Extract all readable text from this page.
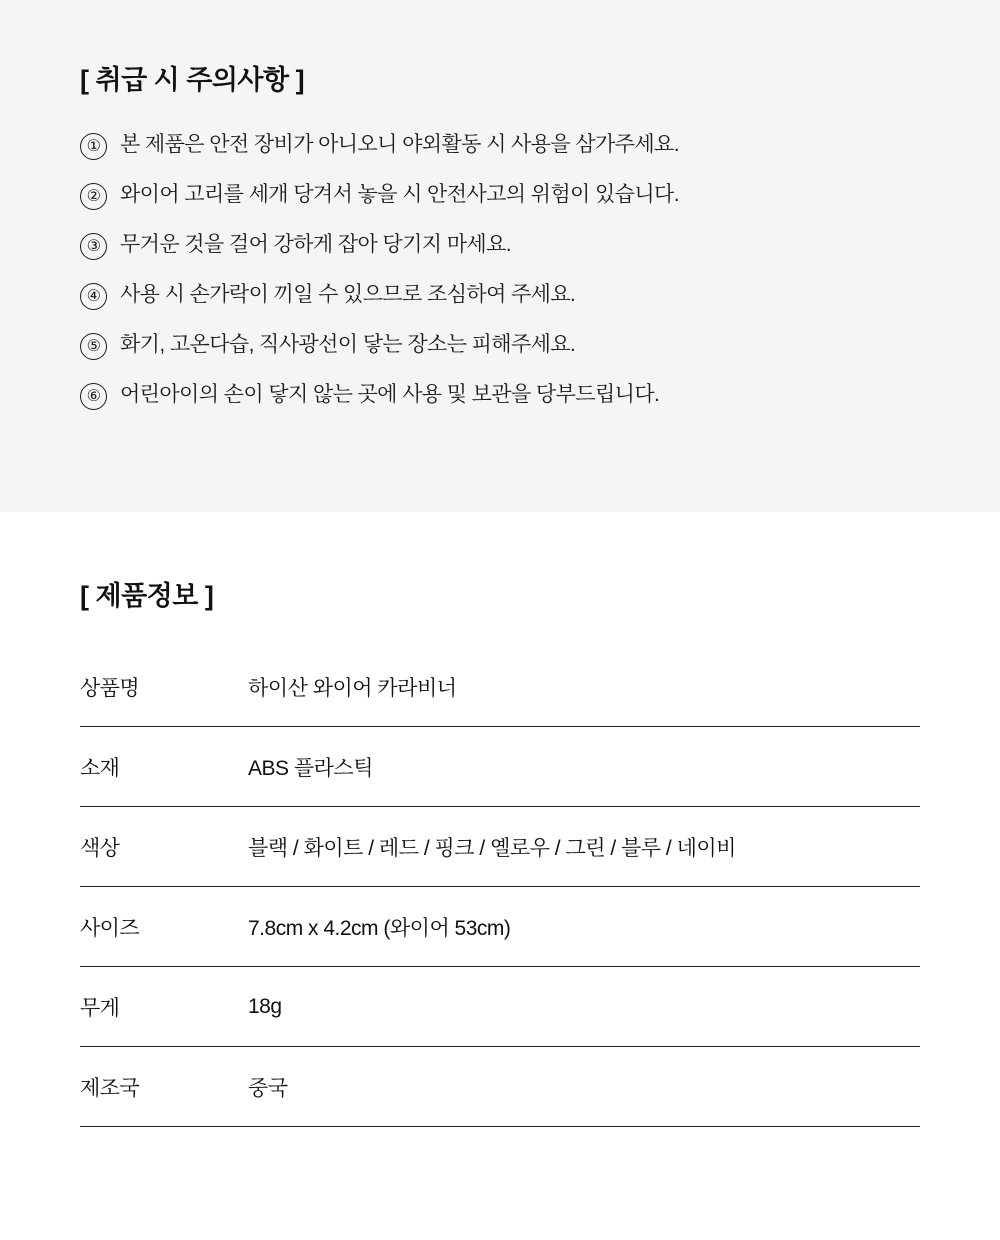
[ 취급 시 주의사항 ]
① 본 제품은 안전 장비가 아니오니 야외활동 시 사용을 삼가주세요.
② 와이어 고리를 세개 당겨서 놓을 시 안전사고의 위험이 있습니다.
③ 무거운 것을 걸어 강하게 잡아 당기지 마세요.
④ 사용 시 손가락이 끼일 수 있으므로 조심하여 주세요.
⑤ 화기, 고온다습, 직사광선이 닿는 장소는 피해주세요.
⑥ 어린아이의 손이 닿지 않는 곳에 사용 및 보관을 당부드립니다.
[ 제품정보 ]
상품명	하이산 와이어 카라비너
소재	ABS 플라스틱
색상	블랙 / 화이트 / 레드 / 핑크 / 옐로우 / 그린 / 블루 / 네이비
사이즈	7.8cm x 4.2cm (와이어 53cm)
무게	18g
제조국	중국
